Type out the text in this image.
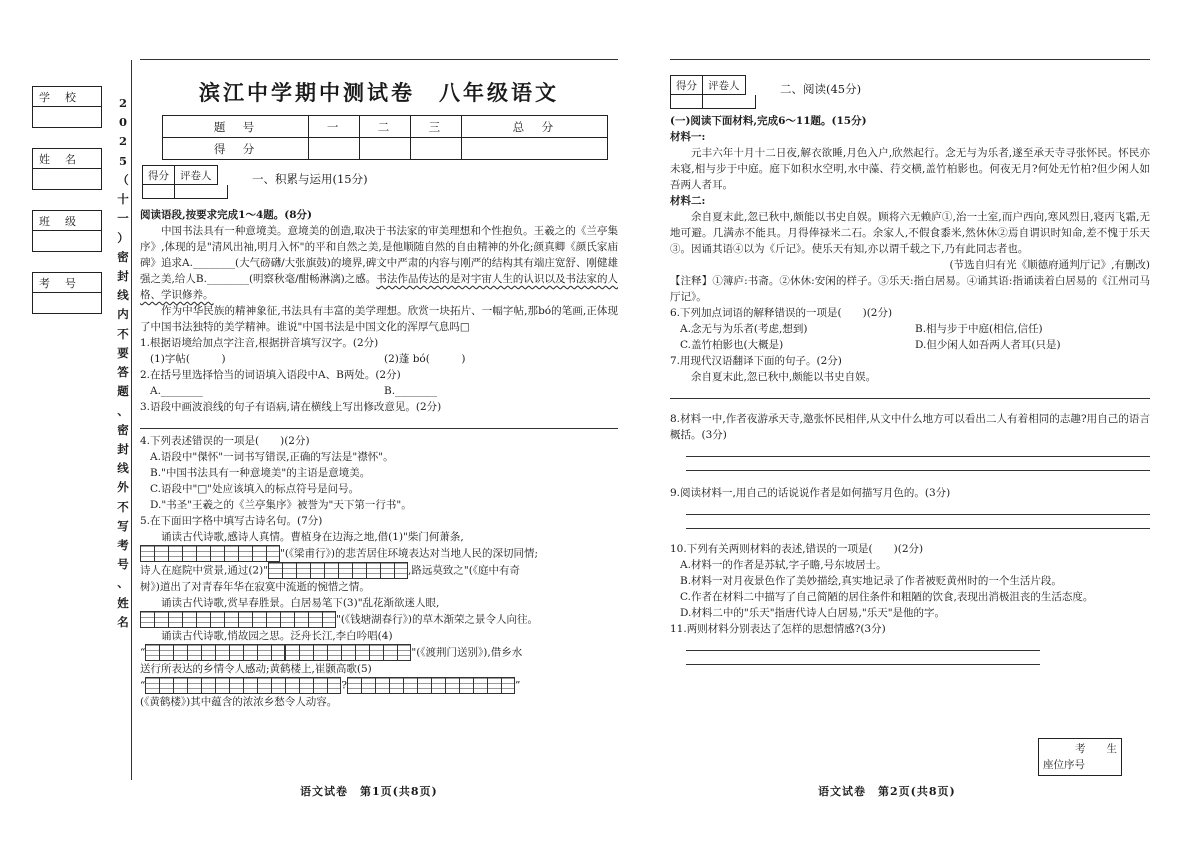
学　校
姓　名
班　级
考　号
2
0
2
5
（
十
一
）
密
封
线
内
不
要
答
题
、
密
封
线
外
不
写
考
号
、
姓
名
滨江中学期中测试卷　八年级语文
题　号	一	二	三	总　分
得　分				
得分	评卷人	一、积累与运用(15分)

阅读语段,按要求完成1～4题。(8分)

中国书法具有一种意境美。意境美的创造,取决于书法家的审美理想和个性抱负。王羲之的《兰亭集序》,体现的是"清风出袖,明月入怀"的平和自然之美,是他顺随自然的自由精神的外化;颜真卿《颜氏家庙碑》追求A.________(大气磅礴/大张旗鼓)的境界,碑文中严肃的内容与刚严的结构其有端庄宽舒、刚健雄强之美,给人B.________(明察秋毫/酣畅淋漓)之感。书法作品传达的是对宇宙人生的认识以及书法家的人格、学识修养。

作为中华民族的精神象征,书法具有丰富的美学理想。欣赏一块拓片、一幅字帖,那bó的笔画,正体现了中国书法独特的美学精神。谁说"中国书法是中国文化的浑厚气息吗□

1.根据语境给加点字注音,根据拼音填写汉字。(2分)

(1)字帖(　　　)	(2)蓬 bó(　　　)

2.在括号里选择恰当的词语填入语段中A、B两处。(2分)

A.________	B.________

3.语段中画波浪线的句子有语病,请在横线上写出修改意见。(2分)

4.下列表述错误的一项是(　　)(2分)

A.语段中"傑怀"一词书写错误,正确的写法是"襟怀"。

B."中国书法具有一种意境美"的主语是意境美。

C.语段中"□"处应该填入的标点符号是问号。

D."书圣"王羲之的《兰亭集序》被誉为"天下第一行书"。

5.在下面田字格中填写古诗名句。(7分)

诵读古代诗歌,感诗人真情。曹植身在边海之地,借(1)"柴门何萧条,

"(《梁甫行》)的悲苦居住环境表达对当地人民的深切同情;

诗人在庭院中赏景,通过(2)"	,路远莫致之"(《庭中有奇

树》)道出了对青春年华在寂寞中流逝的惋惜之情。

诵读古代诗歌,赏早春胜景。白居易笔下(3)"乱花渐欲迷人眼,

"(《钱塘湖春行》)的草木渐荣之景令人向往。

诵读古代诗歌,悄故园之思。泛舟长江,李白吟唱(4)

“	"(《渡荆门送别》),借乡水

送行所表达的乡情令人感动;黄鹤楼上,崔颢高歌(5)

“	?	”

(《黄鹤楼》)其中蕴含的浓浓乡愁令人动容。

语文试卷　第1页(共8页)
得分	评卷人	二、阅读(45分)

(一)阅读下面材料,完成6～11题。(15分)

材料一:

元丰六年十月十二日夜,解衣欲睡,月色入户,欣然起行。念无与为乐者,遂至承天寺寻张怀民。怀民亦未寝,相与步于中庭。庭下如积水空明,水中藻、荇交横,盖竹柏影也。何夜无月?何处无竹柏?但少闲人如吾两人者耳。

材料二:

余自夏末此,忽已秋中,颇能以书史自娱。顾将六无赖庐①,治一土室,而户西向,寒风烈日,寝丙飞霜,无地可避。几满赤不能具。月得俸禄米二石。余家人,不假食黍米,然休休②焉自谓识时知命,差不愧于乐天③。因诵其语④以为《斤记》。使乐天有知,亦以谓千载之下,乃有此同志者也。

(节选自归有光《顺德府通判厅记》,有删改)

【注释】①簿庐:书斋。②休休:安闲的样子。③乐天:指白居易。④诵其语:指诵读着白居易的《江州司马厅记》。

6.下列加点词语的解释错误的一项是(　　)(2分)

A.念无与为乐者(考虑,想到)	B.相与步于中庭(相信,信任)
C.盖竹柏影也(大概是)	D.但少闲人如吾两人者耳(只是)

7.用现代汉语翻译下面的句子。(2分)

余自夏末此,忽已秋中,颇能以书史自娱。

8.材料一中,作者夜游承天寺,邀张怀民相伴,从文中什么地方可以看出二人有着相同的志趣?用自己的语言概括。(3分)

9.阅读材料一,用自己的话说说作者是如何描写月色的。(3分)

10.下列有关两则材料的表述,错误的一项是(　　)(2分)

A.材料一的作者是苏轼,字子瞻,号东坡居士。

B.材料一对月夜景色作了美妙描绘,真实地记录了作者被贬黄州时的一个生活片段。

C.作者在材料二中描写了自己简陋的居住条件和粗陋的饮食,表现出消极沮丧的生活态度。

D.材料二中的"乐天"指唐代诗人白居易,"乐天"是他的字。

11.两则材料分别表达了怎样的思想情感?(3分)

考　　生
座位序号
语文试卷　第2页(共8页)
